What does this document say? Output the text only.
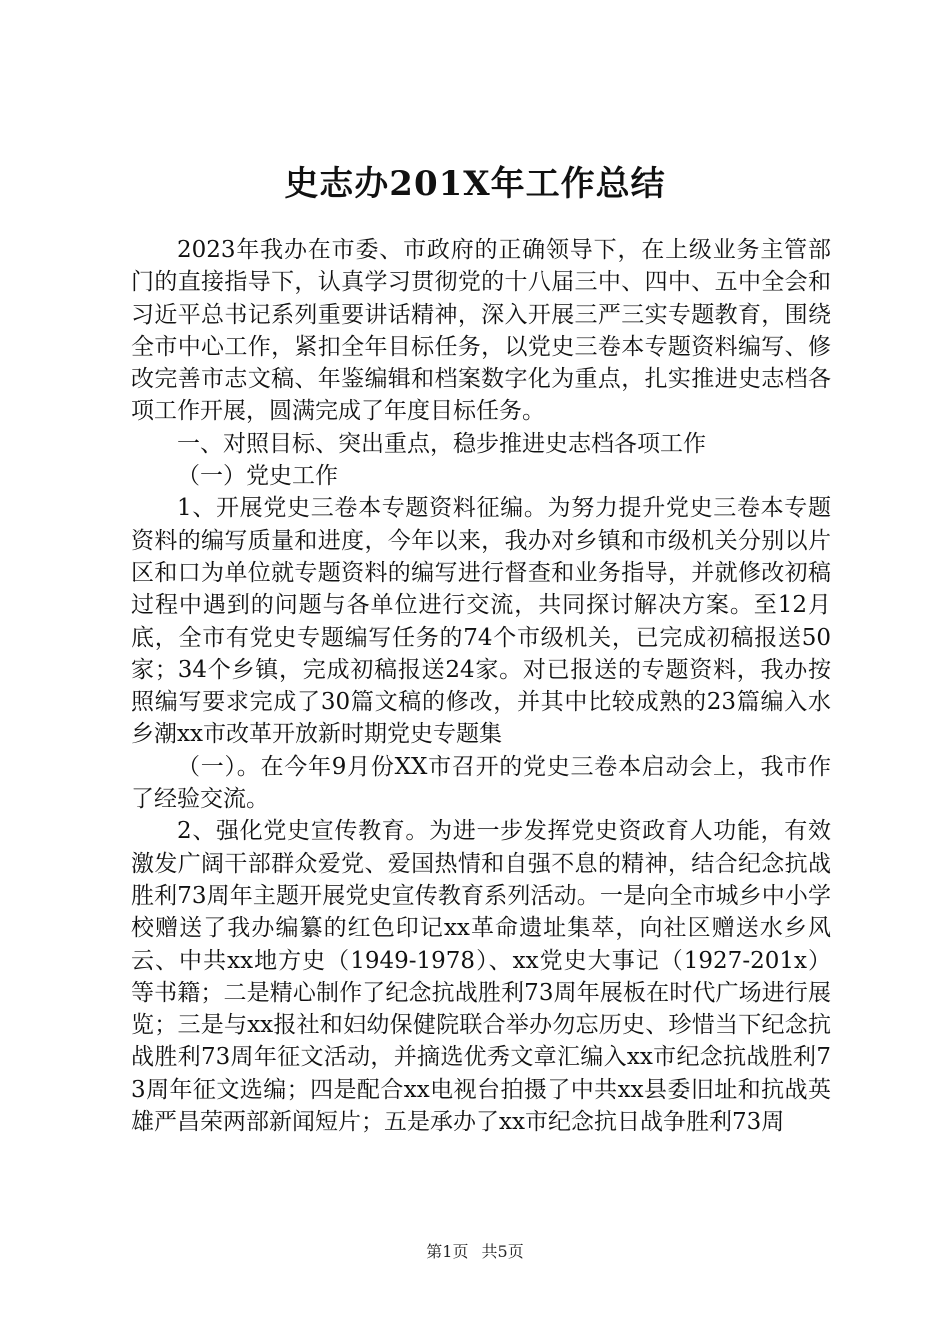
史志办201X年工作总结

2023年我办在市委、市政府的正确领导下，在上级业务主管部门的直接指导下，认真学习贯彻党的十八届三中、四中、五中全会和习近平总书记系列重要讲话精神，深入开展三严三实专题教育，围绕全市中心工作，紧扣全年目标任务，以党史三卷本专题资料编写、修改完善市志文稿、年鉴编辑和档案数字化为重点，扎实推进史志档各项工作开展，圆满完成了年度目标任务。

一、对照目标、突出重点，稳步推进史志档各项工作

（一）党史工作

1、开展党史三卷本专题资料征编。为努力提升党史三卷本专题资料的编写质量和进度，今年以来，我办对乡镇和市级机关分别以片区和口为单位就专题资料的编写进行督查和业务指导，并就修改初稿过程中遇到的问题与各单位进行交流，共同探讨解决方案。至12月底，全市有党史专题编写任务的74个市级机关，已完成初稿报送50家；34个乡镇，完成初稿报送24家。对已报送的专题资料，我办按照编写要求完成了30篇文稿的修改，并其中比较成熟的23篇编入水乡潮xx市改革开放新时期党史专题集

（一）。在今年9月份XX市召开的党史三卷本启动会上，我市作了经验交流。

2、强化党史宣传教育。为进一步发挥党史资政育人功能，有效激发广阔干部群众爱党、爱国热情和自强不息的精神，结合纪念抗战胜利73周年主题开展党史宣传教育系列活动。一是向全市城乡中小学校赠送了我办编纂的红色印记xx革命遗址集萃，向社区赠送水乡风云、中共xx地方史（1949-1978）、xx党史大事记（1927-201x）等书籍；二是精心制作了纪念抗战胜利73周年展板在时代广场进行展览；三是与xx报社和妇幼保健院联合举办勿忘历史、珍惜当下纪念抗战胜利73周年征文活动，并摘选优秀文章汇编入xx市纪念抗战胜利73周年征文选编；四是配合xx电视台拍摄了中共xx县委旧址和抗战英雄严昌荣两部新闻短片；五是承办了xx市纪念抗日战争胜利73周

第1页 共5页
